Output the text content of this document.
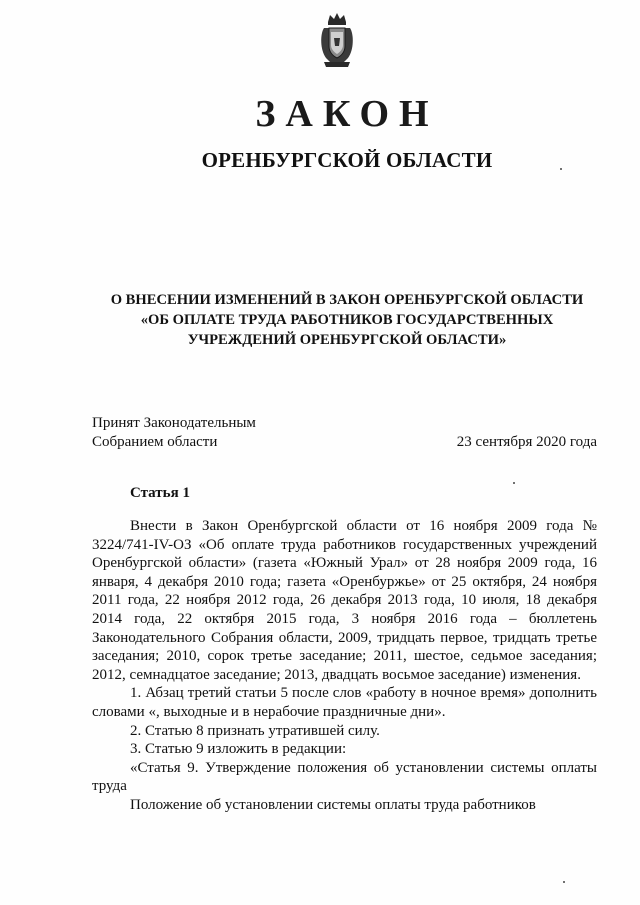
ЗАКОН
ОРЕНБУРГСКОЙ ОБЛАСТИ
О ВНЕСЕНИИ ИЗМЕНЕНИЙ В ЗАКОН ОРЕНБУРГСКОЙ ОБЛАСТИ
«ОБ ОПЛАТЕ ТРУДА РАБОТНИКОВ ГОСУДАРСТВЕННЫХ
УЧРЕЖДЕНИЙ ОРЕНБУРГСКОЙ ОБЛАСТИ»
Принят Законодательным
Собранием области	23 сентября 2020 года
Статья 1

Внести в Закон Оренбургской области от 16 ноября 2009 года № 3224/741-IV-ОЗ «Об оплате труда работников государственных учреждений Оренбургской области» (газета «Южный Урал» от 28 ноября 2009 года, 16 января, 4 декабря 2010 года; газета «Оренбуржье» от 25 октября, 24 ноября 2011 года, 22 ноября 2012 года, 26 декабря 2013 года, 10 июля, 18 декабря 2014 года, 22 октября 2015 года, 3 ноября 2016 года – бюллетень Законодательного Собрания области, 2009, тридцать первое, тридцать третье заседания; 2010, сорок третье заседание; 2011, шестое, седьмое заседания; 2012, семнадцатое заседание; 2013, двадцать восьмое заседание) изменения.

1. Абзац третий статьи 5 после слов «работу в ночное время» дополнить словами «, выходные и в нерабочие праздничные дни».

2. Статью 8 признать утратившей силу.

3. Статью 9 изложить в редакции:

«Статья 9. Утверждение положения об установлении системы оплаты труда

Положение об установлении системы оплаты труда работников
